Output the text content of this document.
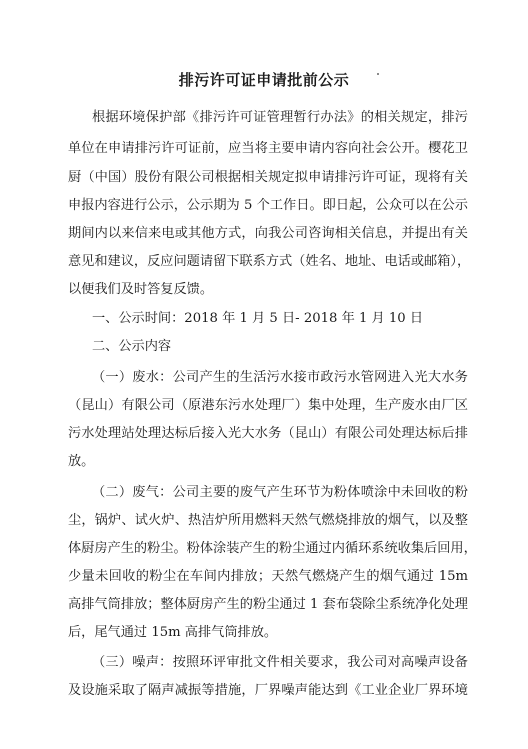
排污许可证申请批前公示
根据环境保护部《排污许可证管理暂行办法》的相关规定，排污
单位在申请排污许可证前，应当将主要申请内容向社会公开。樱花卫
厨（中国）股份有限公司根据相关规定拟申请排污许可证，现将有关
申报内容进行公示，公示期为 5 个工作日。即日起，公众可以在公示
期间内以来信来电或其他方式，向我公司咨询相关信息，并提出有关
意见和建议，反应问题请留下联系方式（姓名、地址、电话或邮箱），
以便我们及时答复反馈。
一、公示时间：2018 年 1 月 5 日- 2018 年 1 月 10 日
二、公示内容
（一）废水：公司产生的生活污水接市政污水管网进入光大水务
（昆山）有限公司（原港东污水处理厂）集中处理，生产废水由厂区
污水处理站处理达标后接入光大水务（昆山）有限公司处理达标后排
放。
（二）废气：公司主要的废气产生环节为粉体喷涂中未回收的粉
尘，锅炉、试火炉、热洁炉所用燃料天然气燃烧排放的烟气，以及整
体厨房产生的粉尘。粉体涂装产生的粉尘通过内循环系统收集后回用，
少量未回收的粉尘在车间内排放；天然气燃烧产生的烟气通过 15m
高排气筒排放；整体厨房产生的粉尘通过 1 套布袋除尘系统净化处理
后，尾气通过 15m 高排气筒排放。
（三）噪声：按照环评审批文件相关要求，我公司对高噪声设备
及设施采取了隔声减振等措施，厂界噪声能达到《工业企业厂界环境
